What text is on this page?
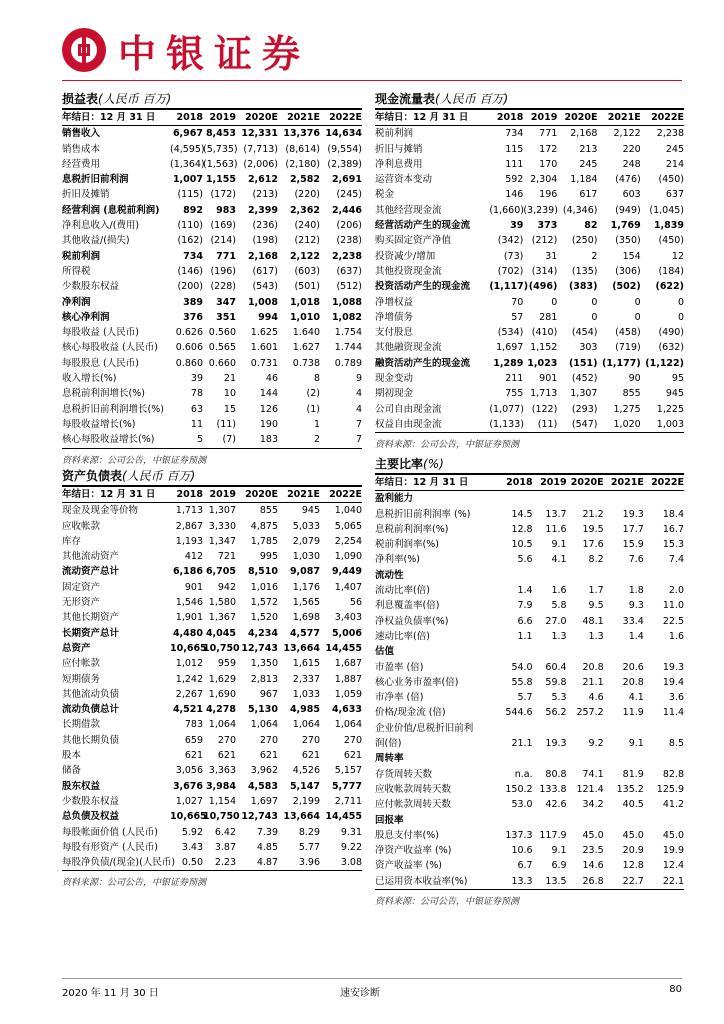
中银证券
损益表(人民币 百万)
年结日：12 月 31 日	2018	2019	2020E	2021E	2022E
销售收入	6,967	8,453	12,331	13,376	14,634
销售成本	(4,595)	(5,735)	(7,713)	(8,614)	(9,554)
经营费用	(1,364)	(1,563)	(2,006)	(2,180)	(2,389)
息税折旧前利润	1,007	1,155	2,612	2,582	2,691
折旧及摊销	(115)	(172)	(213)	(220)	(245)
经营利润 (息税前利润)	892	983	2,399	2,362	2,446
净利息收入/(费用)	(110)	(169)	(236)	(240)	(206)
其他收益/(损失)	(162)	(214)	(198)	(212)	(238)
税前利润	734	771	2,168	2,122	2,238
所得税	(146)	(196)	(617)	(603)	(637)
少数股东权益	(200)	(228)	(543)	(501)	(512)
净利润	389	347	1,008	1,018	1,088
核心净利润	376	351	994	1,010	1,082
每股收益 (人民币)	0.626	0.560	1.625	1.640	1.754
核心每股收益 (人民币)	0.606	0.565	1.601	1.627	1.744
每股股息 (人民币)	0.860	0.660	0.731	0.738	0.789
收入增长(%)	39	21	46	8	9
息税前利润增长(%)	78	10	144	(2)	4
息税折旧前利润增长(%)	63	15	126	(1)	4
每股收益增长(%)	11	(11)	190	1	7
核心每股收益增长(%)	5	(7)	183	2	7
资料来源：公司公告，中银证券预测
资产负债表(人民币 百万)
年结日：12 月 31 日	2018	2019	2020E	2021E	2022E
现金及现金等价物	1,713	1,307	855	945	1,040
应收帐款	2,867	3,330	4,875	5,033	5,065
库存	1,193	1,347	1,785	2,079	2,254
其他流动资产	412	721	995	1,030	1,090
流动资产总计	6,186	6,705	8,510	9,087	9,449
固定资产	901	942	1,016	1,176	1,407
无形资产	1,546	1,580	1,572	1,565	56
其他长期资产	1,901	1,367	1,520	1,698	3,403
长期资产总计	4,480	4,045	4,234	4,577	5,006
总资产	10,665	10,750	12,743	13,664	14,455
应付帐款	1,012	959	1,350	1,615	1,687
短期债务	1,242	1,629	2,813	2,337	1,887
其他流动负债	2,267	1,690	967	1,033	1,059
流动负债总计	4,521	4,278	5,130	4,985	4,633
长期借款	783	1,064	1,064	1,064	1,064
其他长期负债	659	270	270	270	270
股本	621	621	621	621	621
储备	3,056	3,363	3,962	4,526	5,157
股东权益	3,676	3,984	4,583	5,147	5,777
少数股东权益	1,027	1,154	1,697	2,199	2,711
总负债及权益	10,665	10,750	12,743	13,664	14,455
每股帐面价值 (人民币)	5.92	6.42	7.39	8.29	9.31
每股有形资产 (人民币)	3.43	3.87	4.85	5.77	9.22
每股净负债/(现金)(人民币)	0.50	2.23	4.87	3.96	3.08
资料来源：公司公告，中银证券预测
现金流量表(人民币 百万)
年结日：12 月 31 日	2018	2019	2020E	2021E	2022E
税前利润	734	771	2,168	2,122	2,238
折旧与摊销	115	172	213	220	245
净利息费用	111	170	245	248	214
运营资本变动	592	2,304	1,184	(476)	(450)
税金	146	196	617	603	637
其他经营现金流	(1,660)	(3,239)	(4,346)	(949)	(1,045)
经营活动产生的现金流	39	373	82	1,769	1,839
购买固定资产净值	(342)	(212)	(250)	(350)	(450)
投资减少/增加	(73)	31	2	154	12
其他投资现金流	(702)	(314)	(135)	(306)	(184)
投资活动产生的现金流	(1,117)	(496)	(383)	(502)	(622)
净增权益	70	0	0	0	0
净增债务	57	281	0	0	0
支付股息	(534)	(410)	(454)	(458)	(490)
其他融资现金流	1,697	1,152	303	(719)	(632)
融资活动产生的现金流	1,289	1,023	(151)	(1,177)	(1,122)
现金变动	211	901	(452)	90	95
期初现金	755	1,713	1,307	855	945
公司自由现金流	(1,077)	(122)	(293)	1,275	1,225
权益自由现金流	(1,133)	(11)	(547)	1,020	1,003
资料来源：公司公告，中银证券预测
主要比率(%)
年结日：12 月 31 日	2018	2019	2020E	2021E	2022E
盈利能力					
息税折旧前利润率 (%)	14.5	13.7	21.2	19.3	18.4
息税前利润率(%)	12.8	11.6	19.5	17.7	16.7
税前利润率(%)	10.5	9.1	17.6	15.9	15.3
净利率(%)	5.6	4.1	8.2	7.6	7.4
流动性					
流动比率(倍)	1.4	1.6	1.7	1.8	2.0
利息覆盖率(倍)	7.9	5.8	9.5	9.3	11.0
净权益负债率(%)	6.6	27.0	48.1	33.4	22.5
速动比率(倍)	1.1	1.3	1.3	1.4	1.6
估值					
市盈率 (倍)	54.0	60.4	20.8	20.6	19.3
核心业务市盈率(倍)	55.8	59.8	21.1	20.8	19.4
市净率 (倍)	5.7	5.3	4.6	4.1	3.6
价格/现金流 (倍)	544.6	56.2	257.2	11.9	11.4
企业价值/息税折旧前利					
润(倍)	21.1	19.3	9.2	9.1	8.5
周转率					
存货周转天数	n.a.	80.8	74.1	81.9	82.8
应收帐款周转天数	150.2	133.8	121.4	135.2	125.9
应付帐款周转天数	53.0	42.6	34.2	40.5	41.2
回报率					
股息支付率(%)	137.3	117.9	45.0	45.0	45.0
净资产收益率 (%)	10.6	9.1	23.5	20.9	19.9
资产收益率 (%)	6.7	6.9	14.6	12.8	12.4
已运用资本收益率(%)	13.3	13.5	26.8	22.7	22.1
资料来源：公司公告，中银证券预测
2020 年 11 月 30 日	速安诊断	80
